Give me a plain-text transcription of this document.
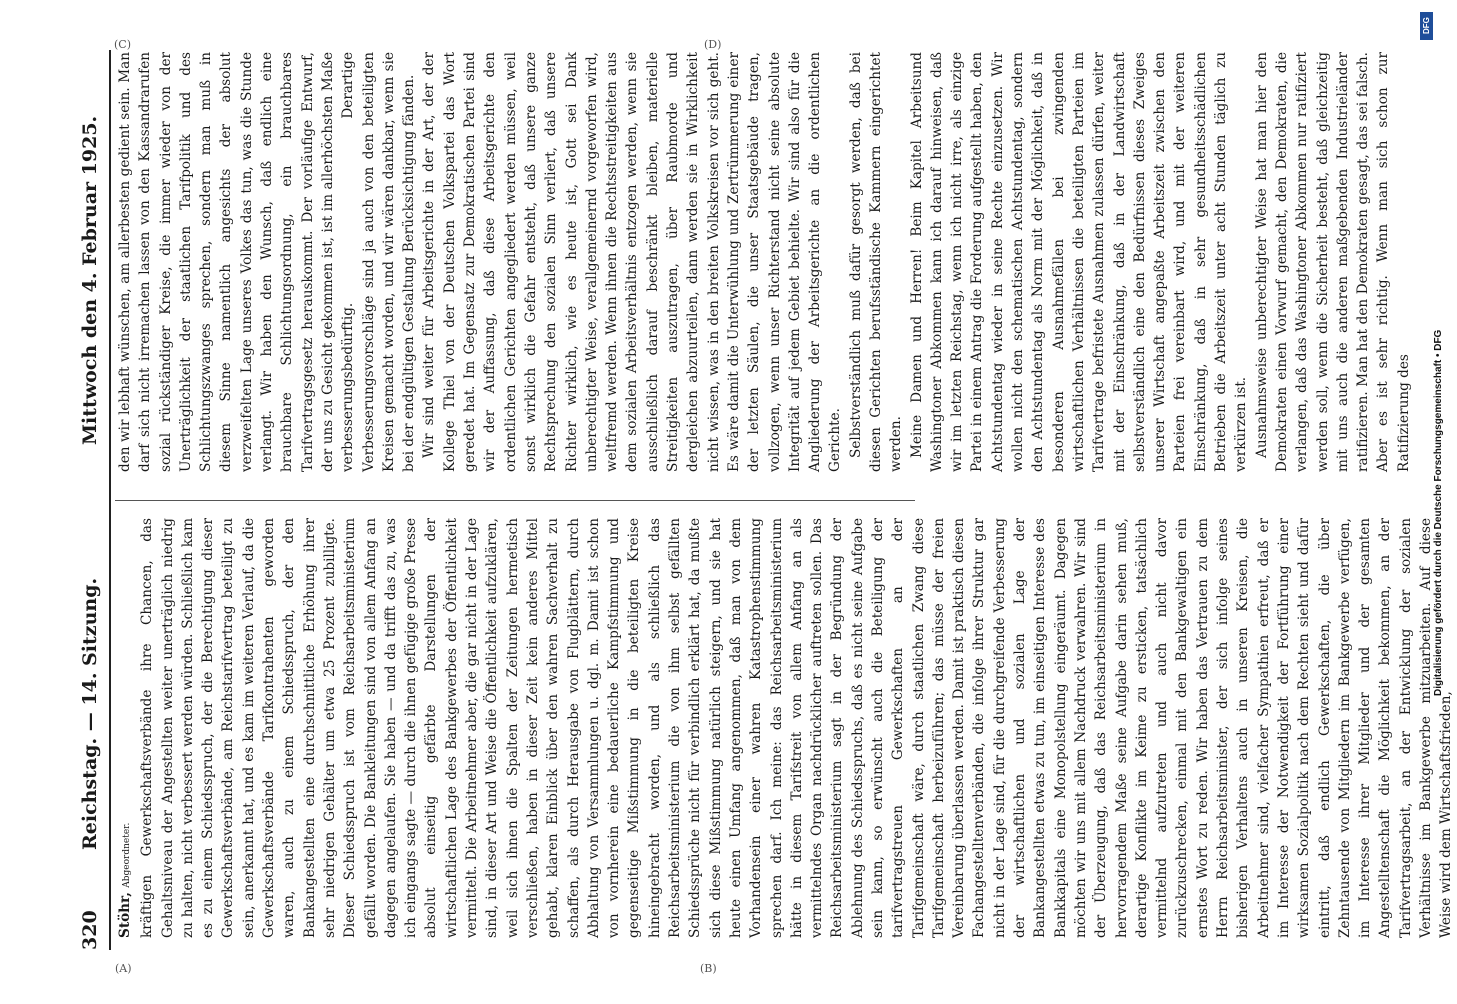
320
Reichstag. — 14. Sitzung.
Mittwoch den 4. Februar 1925.

Stöhr, Abgeordneter. kräftigen Gewerkschaftsverbände ihre Chancen, das Gehaltsniveau der Angestellten weiter unerträglich niedrig zu halten, nicht verbessert werden würden. Schließlich kam es zu einem Schiedsspruch, der die Berechtigung dieser Gewerkschaftsverbände, am Reichstarifvertrag beteiligt zu sein, anerkannt hat, und es kam im weiteren Verlauf, da die Gewerkschaftsverbände Tarifkontrahenten geworden waren, auch zu einem Schiedsspruch, der den Bankangestellten eine durchschnittliche Erhöhung ihrer sehr niedrigen Gehälter um etwa 25 Prozent zubilligte. Dieser Schiedsspruch ist vom Reichsarbeitsministerium gefällt worden. Die Bankleitungen sind von allem Anfang an dagegen angelaufen. Sie haben — und da trifft das zu, was ich eingangs sagte — durch die ihnen gefügige große Presse absolut einseitig gefärbte Darstellungen der wirtschaftlichen Lage des Bankgewerbes der Öffentlichkeit vermittelt. Die Arbeitnehmer aber, die gar nicht in der Lage sind, in dieser Art und Weise die Öffentlichkeit aufzuklären, weil sich ihnen die Spalten der Zeitungen hermetisch verschließen, haben in dieser Zeit kein anderes Mittel gehabt, klaren Einblick über den wahren Sachverhalt zu schaffen, als durch Herausgabe von Flugblättern, durch Abhaltung von Versammlungen u. dgl. m. Damit ist schon von vornherein eine bedauerliche Kampfstimmung und gegenseitige Mißstimmung in die beteiligten Kreise hineingebracht worden, und als schließlich das Reichsarbeitsministerium die von ihm selbst gefällten Schiedssprüche nicht für verbindlich erklärt hat, da mußte sich diese Mißstimmung natürlich steigern, und sie hat heute einen Umfang angenommen, daß man von dem Vorhandensein einer wahren Katastrophenstimmung sprechen darf. Ich meine: das Reichsarbeitsministerium hätte in diesem Tarifstreit von allem Anfang an als vermittelndes Organ nachdrücklicher auftreten sollen. Das Reichsarbeitsministerium sagt in der Begründung der Ablehnung des Schiedsspruchs, daß es nicht seine Aufgabe sein kann, so erwünscht auch die Beteiligung der tarifvertragstreuen Gewerkschaften an der Tarifgemeinschaft wäre, durch staatlichen Zwang diese Tarifgemeinschaft herbeizuführen; das müsse der freien Vereinbarung überlassen werden. Damit ist praktisch diesen Fachangestelltenverbänden, die infolge ihrer Struktur gar nicht in der Lage sind, für die durchgreifende Verbesserung der wirtschaftlichen und sozialen Lage der Bankangestellten etwas zu tun, im einseitigen Interesse des Bankkapitals eine Monopolstellung eingeräumt. Dagegen möchten wir uns mit allem Nachdruck verwahren. Wir sind der Überzeugung, daß das Reichsarbeitsministerium in hervorragendem Maße seine Aufgabe darin sehen muß, derartige Konflikte im Keime zu ersticken, tatsächlich vermittelnd aufzutreten und auch nicht davor zurückzuschrecken, einmal mit den Bankgewaltigen ein ernstes Wort zu reden. Wir haben das Vertrauen zu dem Herrn Reichsarbeitsminister, der sich infolge seines bisherigen Verhaltens auch in unseren Kreisen, die Arbeitnehmer sind, vielfacher Sympathien erfreut, daß er im Interesse der Notwendigkeit der Fortführung einer wirksamen Sozialpolitik nach dem Rechten sieht und dafür eintritt, daß endlich Gewerkschaften, die über Zehntausende von Mitgliedern im Bankgewerbe verfügen, im Interesse ihrer Mitglieder und der gesamten Angestelltenschaft die Möglichkeit bekommen, an der Tarifvertragsarbeit, an der Entwicklung der sozialen Verhältnisse im Bankgewerbe mitzuarbeiten. Auf diese Weise wird dem Wirtschaftsfrieden,

den wir lebhaft wünschen, am allerbesten gedient sein. Man darf sich nicht irremachen lassen von den Kassandrarufen sozial rückständiger Kreise, die immer wieder von der Unerträglichkeit der staatlichen Tarifpolitik und des Schlichtungszwanges sprechen, sondern man muß in diesem Sinne namentlich angesichts der absolut verzweifelten Lage unseres Volkes das tun, was die Stunde verlangt. Wir haben den Wunsch, daß endlich eine brauchbare Schlichtungsordnung, ein brauchbares Tarifvertragsgesetz herauskommt. Der vorläufige Entwurf, der uns zu Gesicht gekommen ist, ist im allerhöchsten Maße verbesserungsbedürftig. Derartige Verbesserungsvorschläge sind ja auch von den beteiligten Kreisen gemacht worden, und wir wären dankbar, wenn sie bei der endgültigen Gestaltung Berücksichtigung fänden. Wir sind weiter für Arbeitsgerichte in der Art, der der Kollege Thiel von der Deutschen Volkspartei das Wort geredet hat. Im Gegensatz zur Demokratischen Partei sind wir der Auffassung, daß diese Arbeitsgerichte den ordentlichen Gerichten angegliedert werden müssen, weil sonst wirklich die Gefahr entsteht, daß unsere ganze Rechtsprechung den sozialen Sinn verliert, daß unsere Richter wirklich, wie es heute ist, Gott sei Dank unberechtigter Weise, verallgemeinernd vorgeworfen wird, weltfremd werden. Wenn ihnen die Rechtsstreitigkeiten aus dem sozialen Arbeitsverhältnis entzogen werden, wenn sie ausschließlich darauf beschränkt bleiben, materielle Streitigkeiten auszutragen, über Raubmorde und dergleichen abzuurteilen, dann werden sie in Wirklichkeit nicht wissen, was in den breiten Volkskreisen vor sich geht. Es wäre damit die Unterwühlung und Zertrümmerung einer der letzten Säulen, die unser Staatsgebäude tragen, vollzogen, wenn unser Richterstand nicht seine absolute Integrität auf jedem Gebiet behielte. Wir sind also für die Angliederung der Arbeitsgerichte an die ordentlichen Gerichte. Selbstverständlich muß dafür gesorgt werden, daß bei diesen Gerichten berufsständische Kammern eingerichtet werden. Meine Damen und Herren! Beim Kapitel Arbeitsund Washingtoner Abkommen kann ich darauf hinweisen, daß wir im letzten Reichstag, wenn ich nicht irre, als einzige Partei in einem Antrag die Forderung aufgestellt haben, den Achtstundentag wieder in seine Rechte einzusetzen. Wir wollen nicht den schematischen Achtstundentag, sondern den Achtstundentag als Norm mit der Möglichkeit, daß in besonderen Ausnahmefällen bei zwingenden wirtschaftlichen Verhältnissen die beteiligten Parteien im Tarifvertrage befristete Ausnahmen zulassen dürfen, weiter mit der Einschränkung, daß in der Landwirtschaft selbstverständlich eine den Bedürfnissen dieses Zweiges unserer Wirtschaft angepaßte Arbeitszeit zwischen den Parteien frei vereinbart wird, und mit der weiteren Einschränkung, daß in sehr gesundheitsschädlichen Betrieben die Arbeitszeit unter acht Stunden täglich zu verkürzen ist. Ausnahmsweise unberechtigter Weise hat man hier den Demokraten einen Vorwurf gemacht, den Demokraten, die verlangen, daß das Washingtoner Abkommen nur ratifiziert werden soll, wenn die Sicherheit besteht, daß gleichzeitig mit uns auch die anderen maßgebenden Industrieländer ratifizieren. Man hat den Demokraten gesagt, das sei falsch. Aber es ist sehr richtig. Wenn man sich schon zur Ratifizierung des

(A)	(B)
(C)	(D)
DFG
Digitalisierung gefördert durch die Deutsche Forschungsgemeinschaft • DFG
